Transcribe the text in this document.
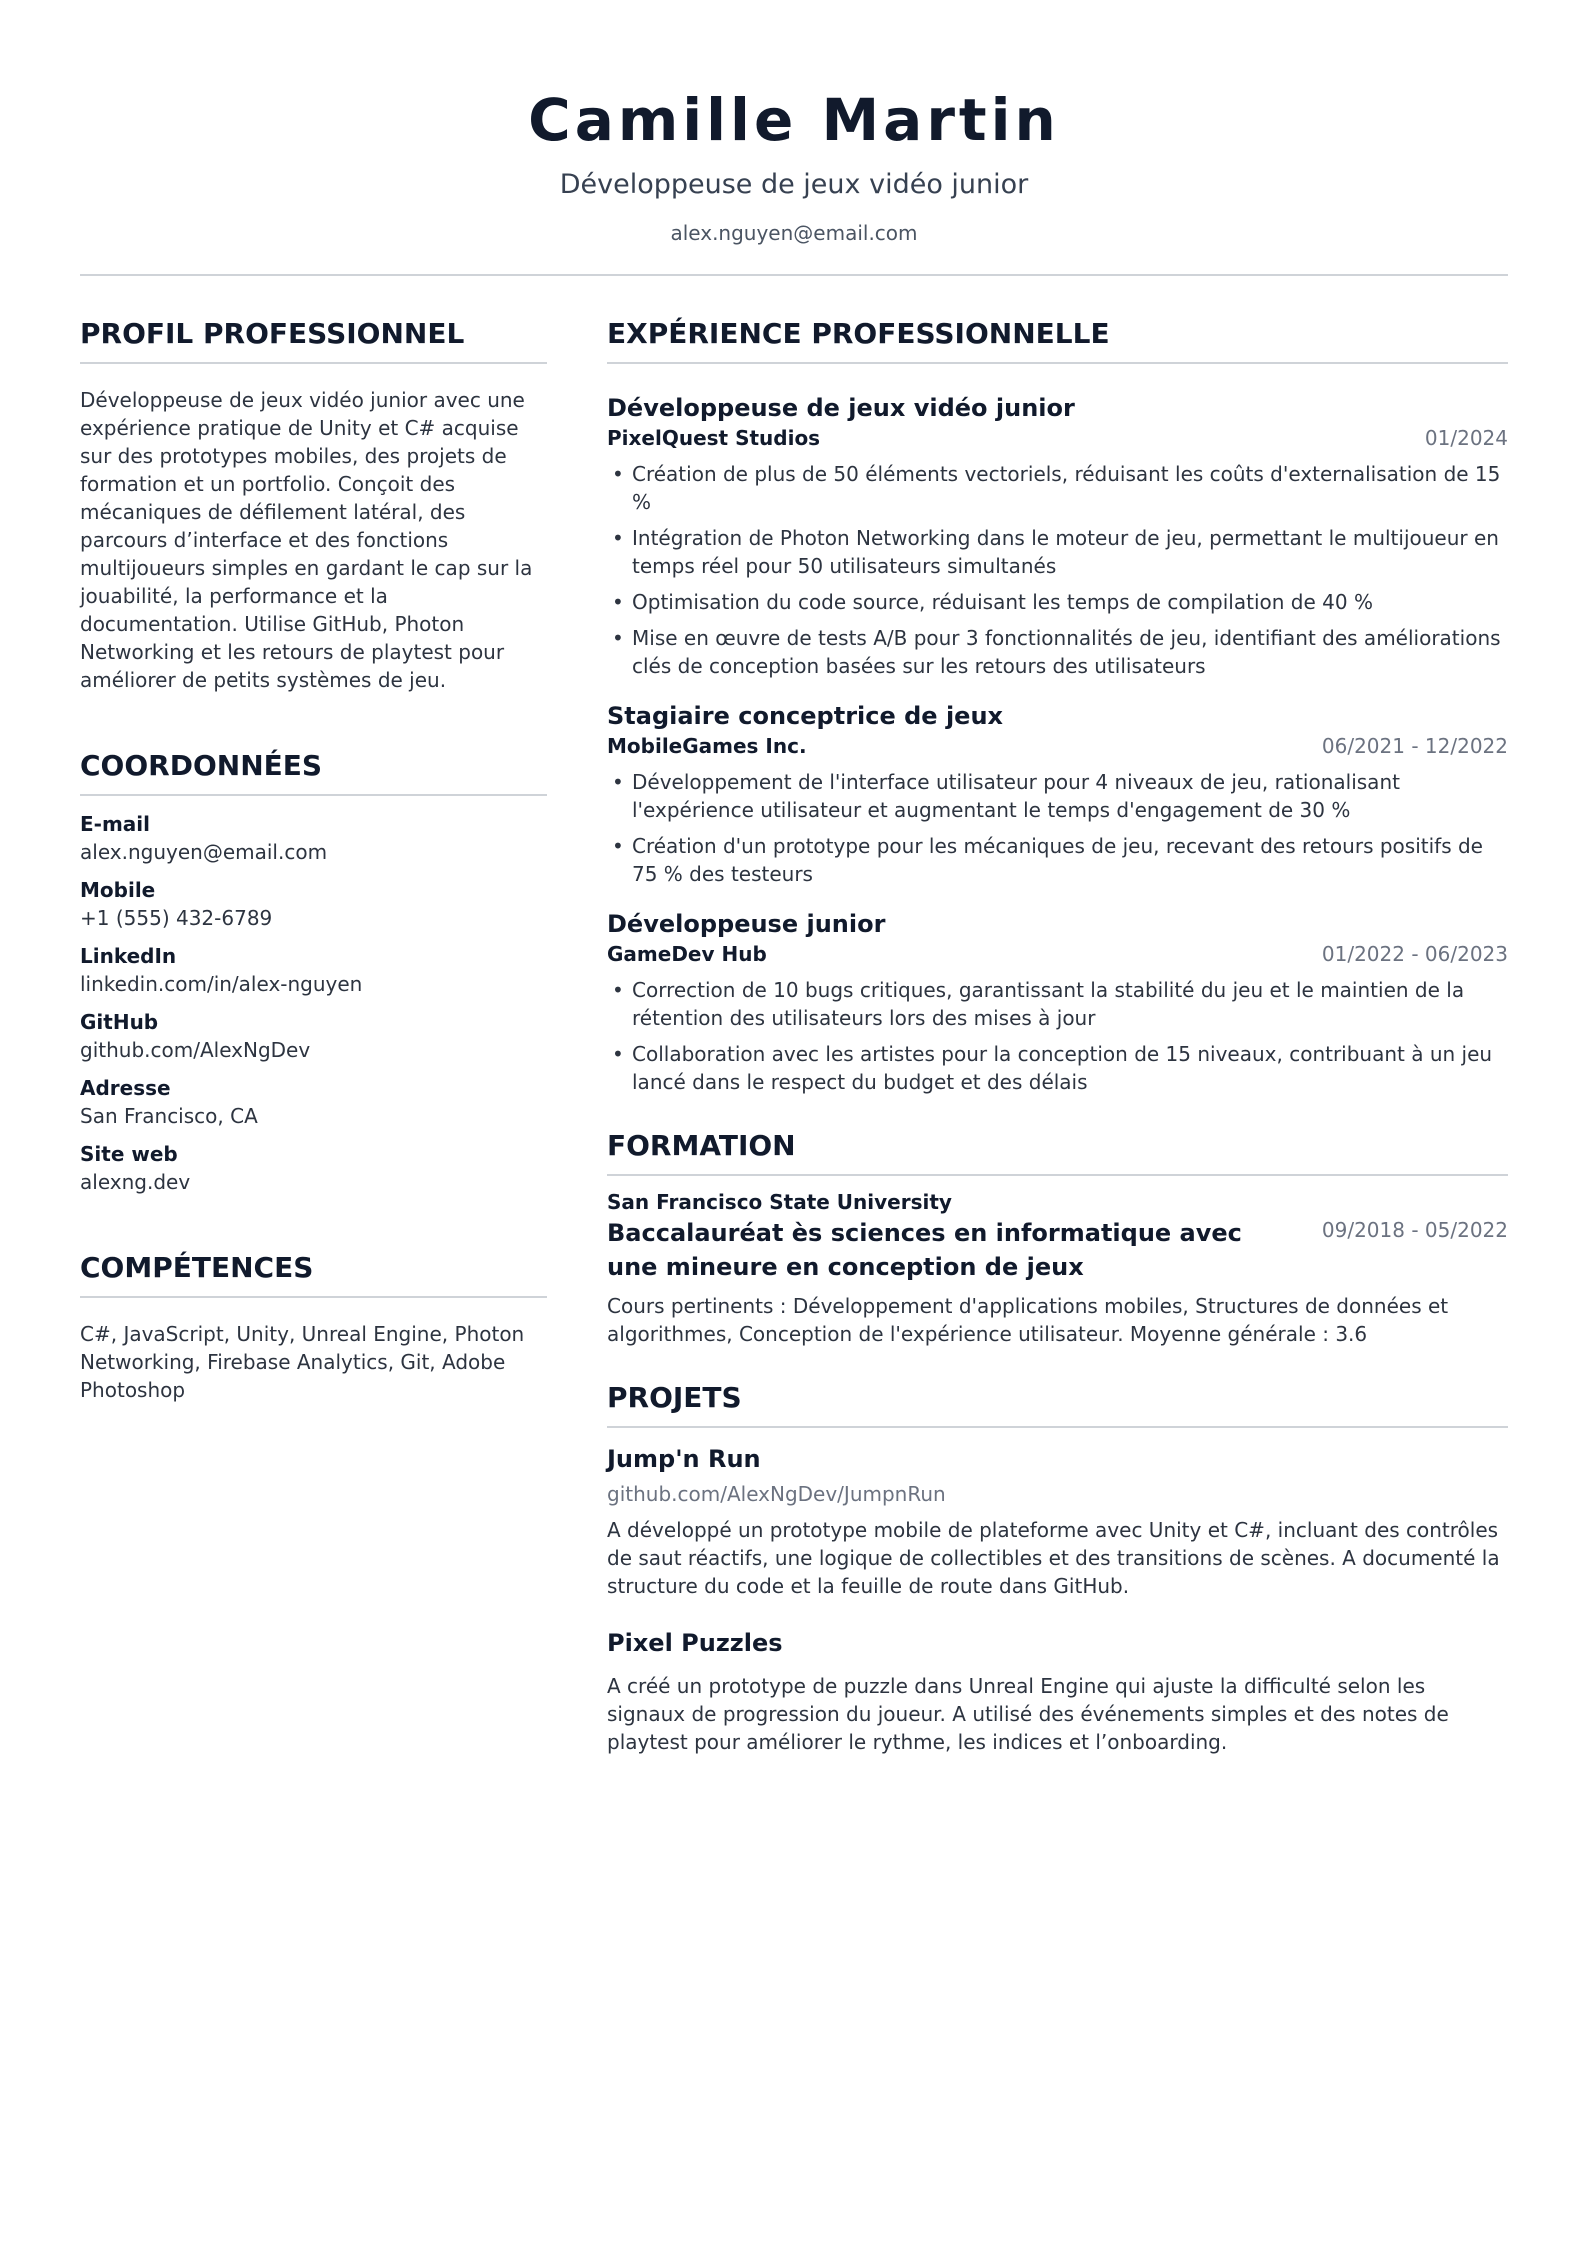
Camille Martin
Développeuse de jeux vidéo junior
alex.nguyen@email.com
PROFIL PROFESSIONNEL
Développeuse de jeux vidéo junior avec une expérience pratique de Unity et C# acquise sur des prototypes mobiles, des projets de formation et un portfolio. Conçoit des mécaniques de défilement latéral, des parcours d’interface et des fonctions multijoueurs simples en gardant le cap sur la jouabilité, la performance et la documentation. Utilise GitHub, Photon Networking et les retours de playtest pour améliorer de petits systèmes de jeu.
COORDONNÉES
E-mail
alex.nguyen@email.com
Mobile
+1 (555) 432-6789
LinkedIn
linkedin.com/in/alex-nguyen
GitHub
github.com/AlexNgDev
Adresse
San Francisco, CA
Site web
alexng.dev
COMPÉTENCES
C#, JavaScript, Unity, Unreal Engine, Photon Networking, Firebase Analytics, Git, Adobe Photoshop
EXPÉRIENCE PROFESSIONNELLE
Développeuse de jeux vidéo junior
PixelQuest Studios	01/2024
• Création de plus de 50 éléments vectoriels, réduisant les coûts d'externalisation de 15 %
• Intégration de Photon Networking dans le moteur de jeu, permettant le multijoueur en temps réel pour 50 utilisateurs simultanés
• Optimisation du code source, réduisant les temps de compilation de 40 %
• Mise en œuvre de tests A/B pour 3 fonctionnalités de jeu, identifiant des améliorations clés de conception basées sur les retours des utilisateurs
Stagiaire conceptrice de jeux
MobileGames Inc.	06/2021 - 12/2022
• Développement de l'interface utilisateur pour 4 niveaux de jeu, rationalisant l'expérience utilisateur et augmentant le temps d'engagement de 30 %
• Création d'un prototype pour les mécaniques de jeu, recevant des retours positifs de 75 % des testeurs
Développeuse junior
GameDev Hub	01/2022 - 06/2023
• Correction de 10 bugs critiques, garantissant la stabilité du jeu et le maintien de la rétention des utilisateurs lors des mises à jour
• Collaboration avec les artistes pour la conception de 15 niveaux, contribuant à un jeu lancé dans le respect du budget et des délais
FORMATION
San Francisco State University
Baccalauréat ès sciences en informatique avec une mineure en conception de jeux
09/2018 - 05/2022
Cours pertinents : Développement d'applications mobiles, Structures de données et algorithmes, Conception de l'expérience utilisateur. Moyenne générale : 3.6
PROJETS
Jump'n Run
github.com/AlexNgDev/JumpnRun
A développé un prototype mobile de plateforme avec Unity et C#, incluant des contrôles de saut réactifs, une logique de collectibles et des transitions de scènes. A documenté la structure du code et la feuille de route dans GitHub.
Pixel Puzzles
A créé un prototype de puzzle dans Unreal Engine qui ajuste la difficulté selon les signaux de progression du joueur. A utilisé des événements simples et des notes de playtest pour améliorer le rythme, les indices et l’onboarding.
